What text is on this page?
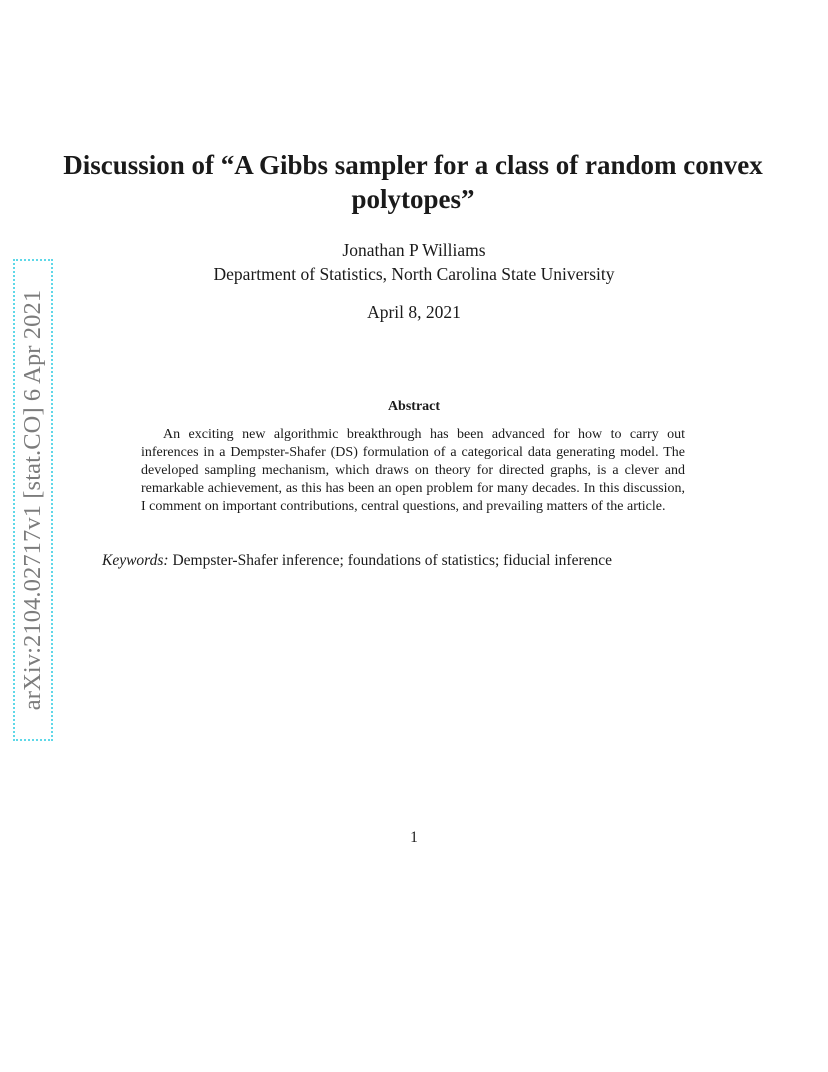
arXiv:2104.02717v1 [stat.CO] 6 Apr 2021
Discussion of “A Gibbs sampler for a class of random convex polytopes”
Jonathan P Williams
Department of Statistics, North Carolina State University
April 8, 2021
Abstract

An exciting new algorithmic breakthrough has been advanced for how to carry out inferences in a Dempster-Shafer (DS) formulation of a categorical data generating model. The developed sampling mechanism, which draws on theory for directed graphs, is a clever and remarkable achievement, as this has been an open problem for many decades. In this discussion, I comment on important contributions, central questions, and prevailing matters of the article.

Keywords: Dempster-Shafer inference; foundations of statistics; fiducial inference
1
